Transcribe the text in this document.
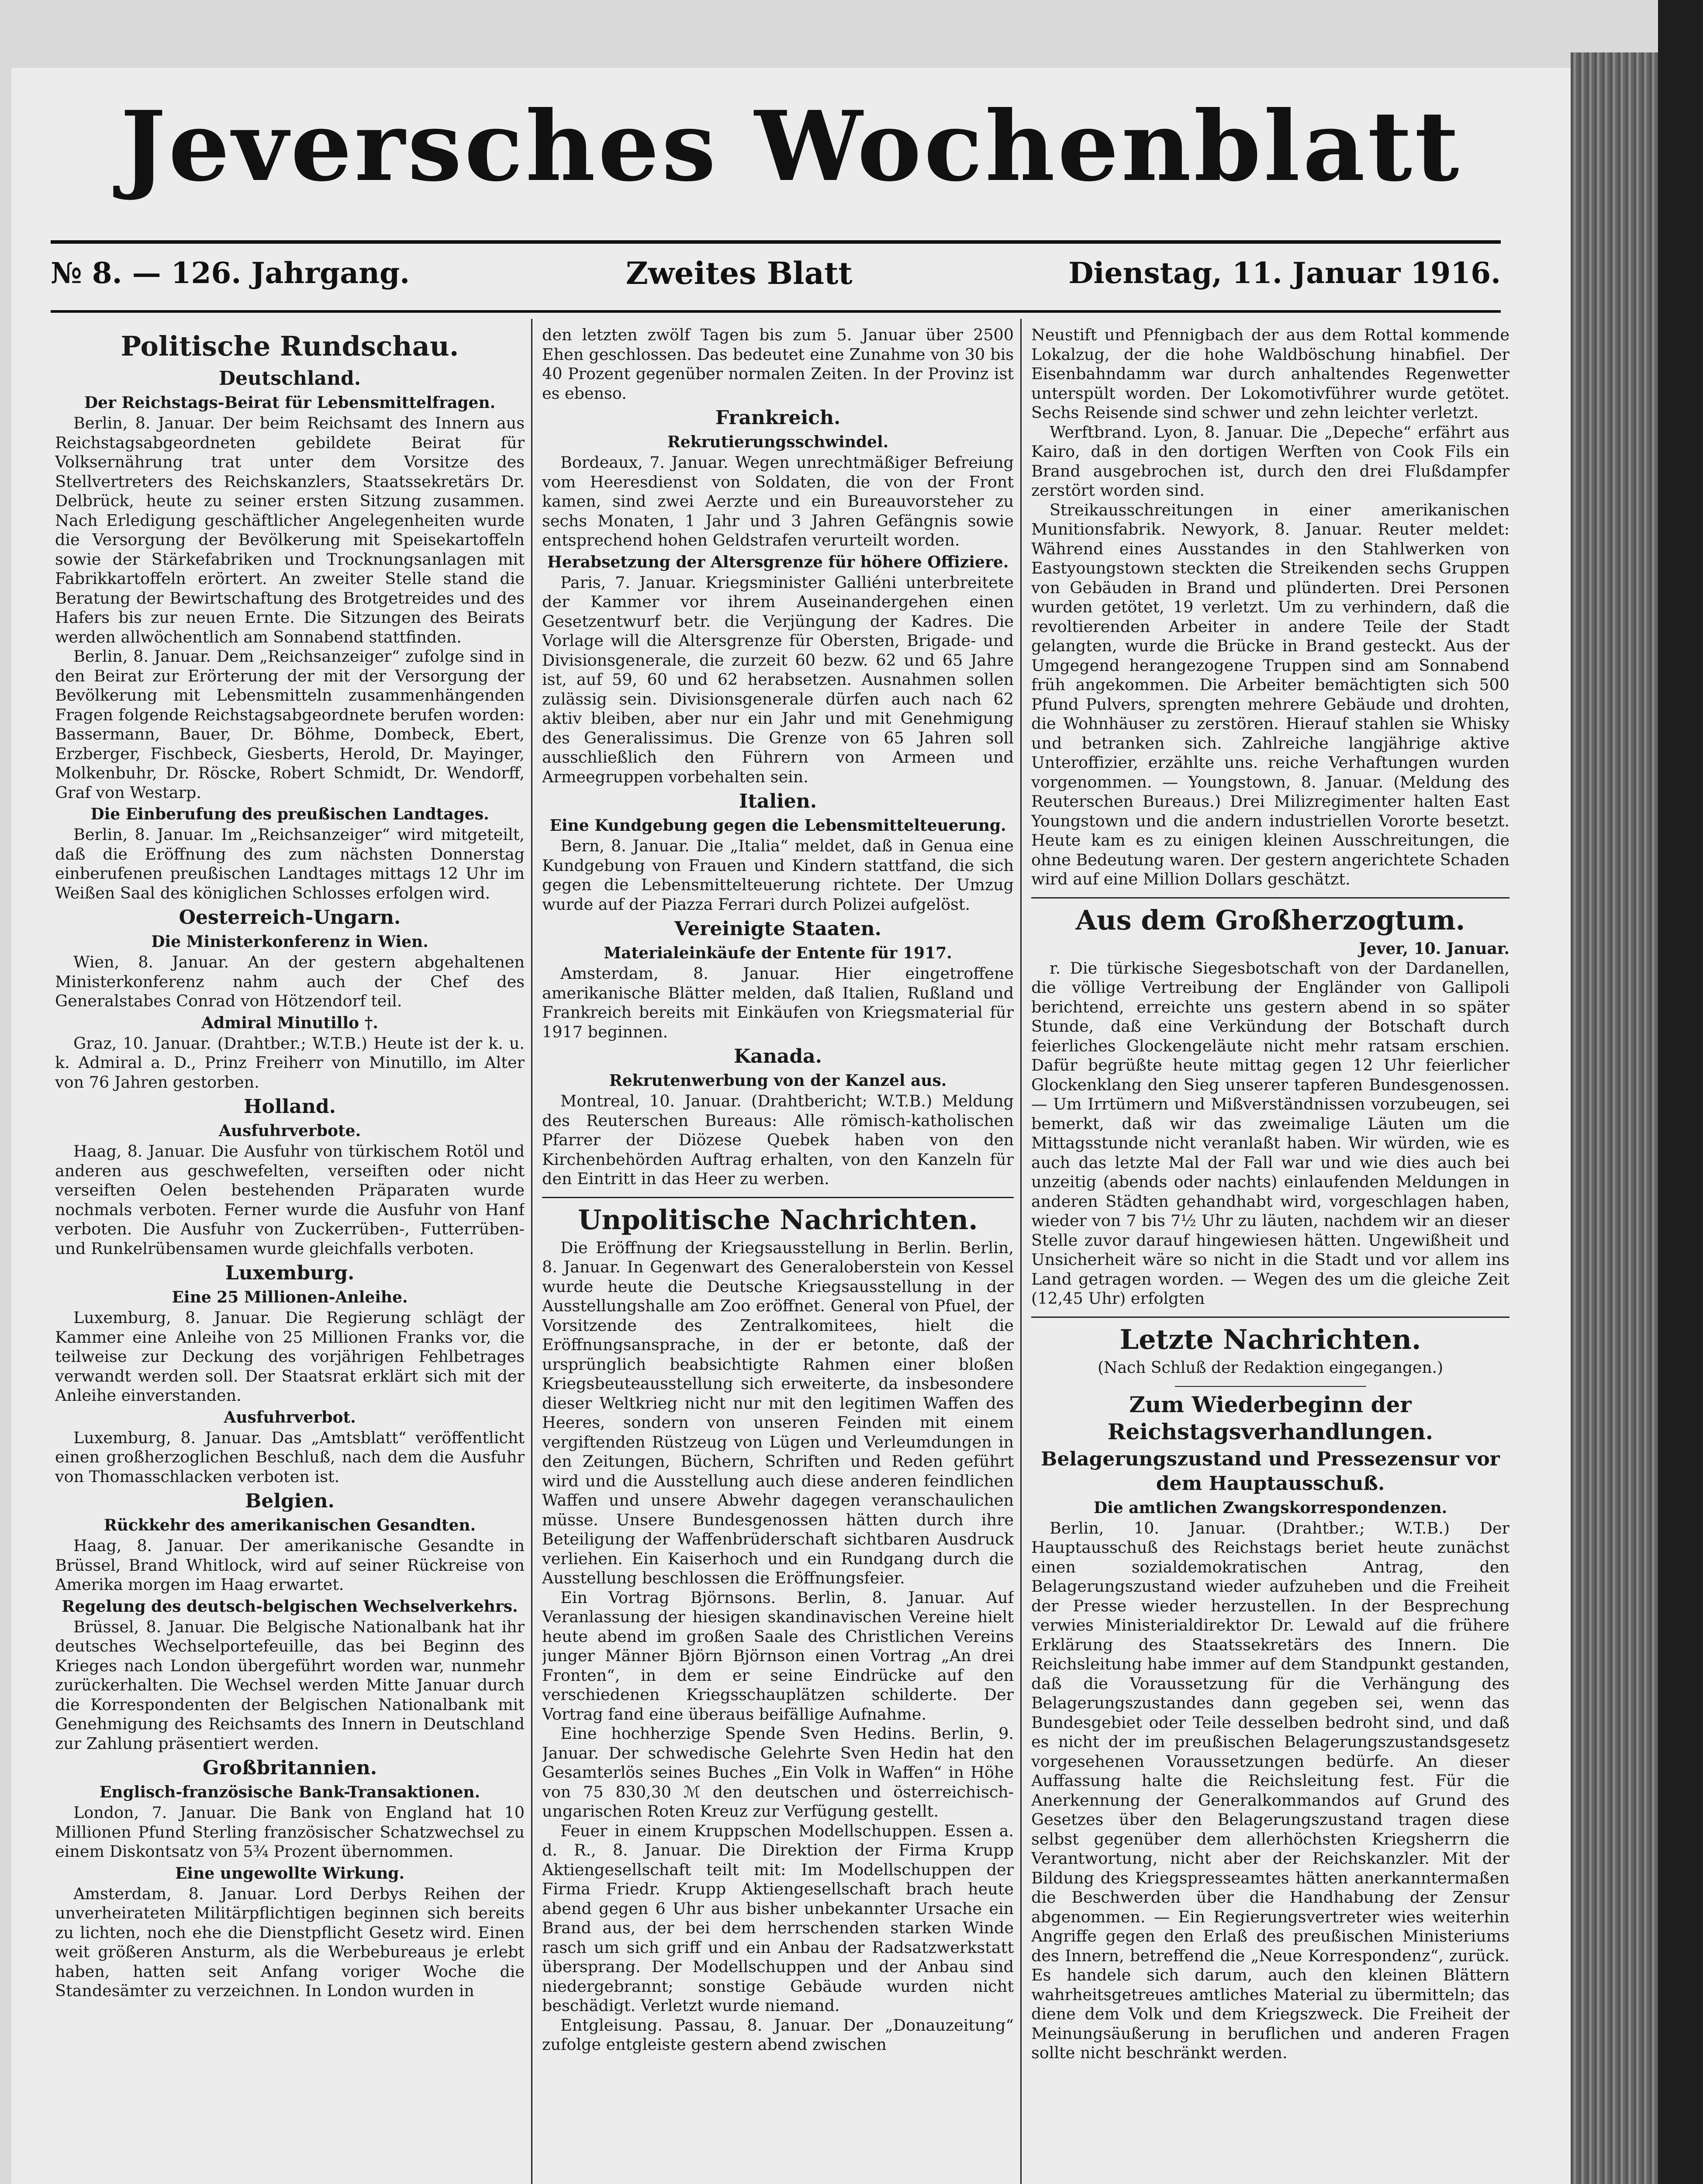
Jeversches Wochenblatt
№ 8. — 126. Jahrgang.	Zweites Blatt	Dienstag, 11. Januar 1916.
Politische Rundschau.
Deutschland.
Der Reichstags-Beirat für Lebensmittelfragen.

Berlin, 8. Januar. Der beim Reichsamt des Innern aus Reichstagsabgeordneten gebildete Beirat für Volksernährung trat unter dem Vorsitze des Stellvertreters des Reichskanzlers, Staatssekretärs Dr. Delbrück, heute zu seiner ersten Sitzung zusammen. Nach Erledigung geschäftlicher Angelegenheiten wurde die Versorgung der Bevölkerung mit Speisekartoffeln sowie der Stärkefabriken und Trocknungsanlagen mit Fabrikkartoffeln erörtert. An zweiter Stelle stand die Beratung der Bewirtschaftung des Brotgetreides und des Hafers bis zur neuen Ernte. Die Sitzungen des Beirats werden allwöchentlich am Sonnabend stattfinden.

Berlin, 8. Januar. Dem „Reichsanzeiger“ zufolge sind in den Beirat zur Erörterung der mit der Versorgung der Bevölkerung mit Lebensmitteln zusammenhängenden Fragen folgende Reichstagsabgeordnete berufen worden: Bassermann, Bauer, Dr. Böhme, Dombeck, Ebert, Erzberger, Fischbeck, Giesberts, Herold, Dr. Mayinger, Molkenbuhr, Dr. Röscke, Robert Schmidt, Dr. Wendorff, Graf von Westarp.

Die Einberufung des preußischen Landtages.

Berlin, 8. Januar. Im „Reichsanzeiger“ wird mitgeteilt, daß die Eröffnung des zum nächsten Donnerstag einberufenen preußischen Landtages mittags 12 Uhr im Weißen Saal des königlichen Schlosses erfolgen wird.

Oesterreich-Ungarn.
Die Ministerkonferenz in Wien.

Wien, 8. Januar. An der gestern abgehaltenen Ministerkonferenz nahm auch der Chef des Generalstabes Conrad von Hötzendorf teil.

Admiral Minutillo †.

Graz, 10. Januar. (Drahtber.; W.T.B.) Heute ist der k. u. k. Admiral a. D., Prinz Freiherr von Minutillo, im Alter von 76 Jahren gestorben.

Holland.
Ausfuhrverbote.

Haag, 8. Januar. Die Ausfuhr von türkischem Rotöl und anderen aus geschwefelten, verseiften oder nicht verseiften Oelen bestehenden Präparaten wurde nochmals verboten. Ferner wurde die Ausfuhr von Hanf verboten. Die Ausfuhr von Zuckerrüben-, Futterrüben- und Runkelrübensamen wurde gleichfalls verboten.

Luxemburg.
Eine 25 Millionen-Anleihe.

Luxemburg, 8. Januar. Die Regierung schlägt der Kammer eine Anleihe von 25 Millionen Franks vor, die teilweise zur Deckung des vorjährigen Fehlbetrages verwandt werden soll. Der Staatsrat erklärt sich mit der Anleihe einverstanden.

Ausfuhrverbot.

Luxemburg, 8. Januar. Das „Amtsblatt“ veröffentlicht einen großherzoglichen Beschluß, nach dem die Ausfuhr von Thomasschlacken verboten ist.

Belgien.
Rückkehr des amerikanischen Gesandten.

Haag, 8. Januar. Der amerikanische Gesandte in Brüssel, Brand Whitlock, wird auf seiner Rückreise von Amerika morgen im Haag erwartet.

Regelung des deutsch-belgischen Wechselverkehrs.

Brüssel, 8. Januar. Die Belgische Nationalbank hat ihr deutsches Wechselportefeuille, das bei Beginn des Krieges nach London übergeführt worden war, nunmehr zurückerhalten. Die Wechsel werden Mitte Januar durch die Korrespondenten der Belgischen Nationalbank mit Genehmigung des Reichsamts des Innern in Deutschland zur Zahlung präsentiert werden.

Großbritannien.
Englisch-französische Bank-Transaktionen.

London, 7. Januar. Die Bank von England hat 10 Millionen Pfund Sterling französischer Schatzwechsel zu einem Diskontsatz von 5¾ Prozent übernommen.

Eine ungewollte Wirkung.

Amsterdam, 8. Januar. Lord Derbys Reihen der unverheirateten Militärpflichtigen beginnen sich bereits zu lichten, noch ehe die Dienstpflicht Gesetz wird. Einen weit größeren Ansturm, als die Werbebureaus je erlebt haben, hatten seit Anfang voriger Woche die Standesämter zu verzeichnen. In London wurden in

den letzten zwölf Tagen bis zum 5. Januar über 2500 Ehen geschlossen. Das bedeutet eine Zunahme von 30 bis 40 Prozent gegenüber normalen Zeiten. In der Provinz ist es ebenso.

Frankreich.
Rekrutierungsschwindel.

Bordeaux, 7. Januar. Wegen unrechtmäßiger Befreiung vom Heeresdienst von Soldaten, die von der Front kamen, sind zwei Aerzte und ein Bureauvorsteher zu sechs Monaten, 1 Jahr und 3 Jahren Gefängnis sowie entsprechend hohen Geldstrafen verurteilt worden.

Herabsetzung der Altersgrenze für höhere Offiziere.

Paris, 7. Januar. Kriegsminister Galliéni unterbreitete der Kammer vor ihrem Auseinandergehen einen Gesetzentwurf betr. die Verjüngung der Kadres. Die Vorlage will die Altersgrenze für Obersten, Brigade- und Divisionsgenerale, die zurzeit 60 bezw. 62 und 65 Jahre ist, auf 59, 60 und 62 herabsetzen. Ausnahmen sollen zulässig sein. Divisionsgenerale dürfen auch nach 62 aktiv bleiben, aber nur ein Jahr und mit Genehmigung des Generalissimus. Die Grenze von 65 Jahren soll ausschließlich den Führern von Armeen und Armeegruppen vorbehalten sein.

Italien.
Eine Kundgebung gegen die Lebensmittelteuerung.

Bern, 8. Januar. Die „Italia“ meldet, daß in Genua eine Kundgebung von Frauen und Kindern stattfand, die sich gegen die Lebensmittelteuerung richtete. Der Umzug wurde auf der Piazza Ferrari durch Polizei aufgelöst.

Vereinigte Staaten.
Materialeinkäufe der Entente für 1917.

Amsterdam, 8. Januar. Hier eingetroffene amerikanische Blätter melden, daß Italien, Rußland und Frankreich bereits mit Einkäufen von Kriegsmaterial für 1917 beginnen.

Kanada.
Rekrutenwerbung von der Kanzel aus.

Montreal, 10. Januar. (Drahtbericht; W.T.B.) Meldung des Reuterschen Bureaus: Alle römisch-katholischen Pfarrer der Diözese Quebek haben von den Kirchenbehörden Auftrag erhalten, von den Kanzeln für den Eintritt in das Heer zu werben.

Unpolitische Nachrichten.

Die Eröffnung der Kriegsausstellung in Berlin. Berlin, 8. Januar. In Gegenwart des Generaloberstein von Kessel wurde heute die Deutsche Kriegsausstellung in der Ausstellungshalle am Zoo eröffnet. General von Pfuel, der Vorsitzende des Zentralkomitees, hielt die Eröffnungsansprache, in der er betonte, daß der ursprünglich beabsichtigte Rahmen einer bloßen Kriegsbeuteausstellung sich erweiterte, da insbesondere dieser Weltkrieg nicht nur mit den legitimen Waffen des Heeres, sondern von unseren Feinden mit einem vergiftenden Rüstzeug von Lügen und Verleumdungen in den Zeitungen, Büchern, Schriften und Reden geführt wird und die Ausstellung auch diese anderen feindlichen Waffen und unsere Abwehr dagegen veranschaulichen müsse. Unsere Bundesgenossen hätten durch ihre Beteiligung der Waffenbrüderschaft sichtbaren Ausdruck verliehen. Ein Kaiserhoch und ein Rundgang durch die Ausstellung beschlossen die Eröffnungsfeier.

Ein Vortrag Björnsons. Berlin, 8. Januar. Auf Veranlassung der hiesigen skandinavischen Vereine hielt heute abend im großen Saale des Christlichen Vereins junger Männer Björn Björnson einen Vortrag „An drei Fronten“, in dem er seine Eindrücke auf den verschiedenen Kriegsschauplätzen schilderte. Der Vortrag fand eine überaus beifällige Aufnahme.

Eine hochherzige Spende Sven Hedins. Berlin, 9. Januar. Der schwedische Gelehrte Sven Hedin hat den Gesamterlös seines Buches „Ein Volk in Waffen“ in Höhe von 75 830,30 ℳ den deutschen und österreichisch-ungarischen Roten Kreuz zur Verfügung gestellt.

Feuer in einem Kruppschen Modellschuppen. Essen a. d. R., 8. Januar. Die Direktion der Firma Krupp Aktiengesellschaft teilt mit: Im Modellschuppen der Firma Friedr. Krupp Aktiengesellschaft brach heute abend gegen 6 Uhr aus bisher unbekannter Ursache ein Brand aus, der bei dem herrschenden starken Winde rasch um sich griff und ein Anbau der Radsatzwerkstatt übersprang. Der Modellschuppen und der Anbau sind niedergebrannt; sonstige Gebäude wurden nicht beschädigt. Verletzt wurde niemand.

Entgleisung. Passau, 8. Januar. Der „Donauzeitung“ zufolge entgleiste gestern abend zwischen

Neustift und Pfennigbach der aus dem Rottal kommende Lokalzug, der die hohe Waldböschung hinabfiel. Der Eisenbahndamm war durch anhaltendes Regenwetter unterspült worden. Der Lokomotivführer wurde getötet. Sechs Reisende sind schwer und zehn leichter verletzt.

Werftbrand. Lyon, 8. Januar. Die „Depeche“ erfährt aus Kairo, daß in den dortigen Werften von Cook Fils ein Brand ausgebrochen ist, durch den drei Flußdampfer zerstört worden sind.

Streikausschreitungen in einer amerikanischen Munitionsfabrik. Newyork, 8. Januar. Reuter meldet: Während eines Ausstandes in den Stahlwerken von Eastyoungstown steckten die Streikenden sechs Gruppen von Gebäuden in Brand und plünderten. Drei Personen wurden getötet, 19 verletzt. Um zu verhindern, daß die revoltierenden Arbeiter in andere Teile der Stadt gelangten, wurde die Brücke in Brand gesteckt. Aus der Umgegend herangezogene Truppen sind am Sonnabend früh angekommen. Die Arbeiter bemächtigten sich 500 Pfund Pulvers, sprengten mehrere Gebäude und drohten, die Wohnhäuser zu zerstören. Hierauf stahlen sie Whisky und betranken sich. Zahlreiche langjährige aktive Unteroffizier, erzählte uns. reiche Verhaftungen wurden vorgenommen. — Youngstown, 8. Januar. (Meldung des Reuterschen Bureaus.) Drei Milizregimenter halten East Youngstown und die andern industriellen Vororte besetzt. Heute kam es zu einigen kleinen Ausschreitungen, die ohne Bedeutung waren. Der gestern angerichtete Schaden wird auf eine Million Dollars geschätzt.

Aus dem Großherzogtum.
Jever, 10. Januar.

r. Die türkische Siegesbotschaft von der Dardanellen, die völlige Vertreibung der Engländer von Gallipoli berichtend, erreichte uns gestern abend in so später Stunde, daß eine Verkündung der Botschaft durch feierliches Glockengeläute nicht mehr ratsam erschien. Dafür begrüßte heute mittag gegen 12 Uhr feierlicher Glockenklang den Sieg unserer tapferen Bundesgenossen. — Um Irrtümern und Mißverständnissen vorzubeugen, sei bemerkt, daß wir das zweimalige Läuten um die Mittagsstunde nicht veranlaßt haben. Wir würden, wie es auch das letzte Mal der Fall war und wie dies auch bei unzeitig (abends oder nachts) einlaufenden Meldungen in anderen Städten gehandhabt wird, vorgeschlagen haben, wieder von 7 bis 7½ Uhr zu läuten, nachdem wir an dieser Stelle zuvor darauf hingewiesen hätten. Ungewißheit und Unsicherheit wäre so nicht in die Stadt und vor allem ins Land getragen worden. — Wegen des um die gleiche Zeit (12,45 Uhr) erfolgten

Letzte Nachrichten.
(Nach Schluß der Redaktion eingegangen.)
Zum Wiederbeginn der Reichstagsverhandlungen.
Belagerungszustand und Pressezensur vor dem Hauptausschuß.
Die amtlichen Zwangskorrespondenzen.

Berlin, 10. Januar. (Drahtber.; W.T.B.) Der Hauptausschuß des Reichstags beriet heute zunächst einen sozialdemokratischen Antrag, den Belagerungszustand wieder aufzuheben und die Freiheit der Presse wieder herzustellen. In der Besprechung verwies Ministerialdirektor Dr. Lewald auf die frühere Erklärung des Staatssekretärs des Innern. Die Reichsleitung habe immer auf dem Standpunkt gestanden, daß die Voraussetzung für die Verhängung des Belagerungszustandes dann gegeben sei, wenn das Bundesgebiet oder Teile desselben bedroht sind, und daß es nicht der im preußischen Belagerungszustandsgesetz vorgesehenen Voraussetzungen bedürfe. An dieser Auffassung halte die Reichsleitung fest. Für die Anerkennung der Generalkommandos auf Grund des Gesetzes über den Belagerungszustand tragen diese selbst gegenüber dem allerhöchsten Kriegsherrn die Verantwortung, nicht aber der Reichskanzler. Mit der Bildung des Kriegspresseamtes hätten anerkanntermaßen die Beschwerden über die Handhabung der Zensur abgenommen. — Ein Regierungsvertreter wies weiterhin Angriffe gegen den Erlaß des preußischen Ministeriums des Innern, betreffend die „Neue Korrespondenz“, zurück. Es handele sich darum, auch den kleinen Blättern wahrheitsgetreues amtliches Material zu übermitteln; das diene dem Volk und dem Kriegszweck. Die Freiheit der Meinungsäußerung in beruflichen und anderen Fragen sollte nicht beschränkt werden.
